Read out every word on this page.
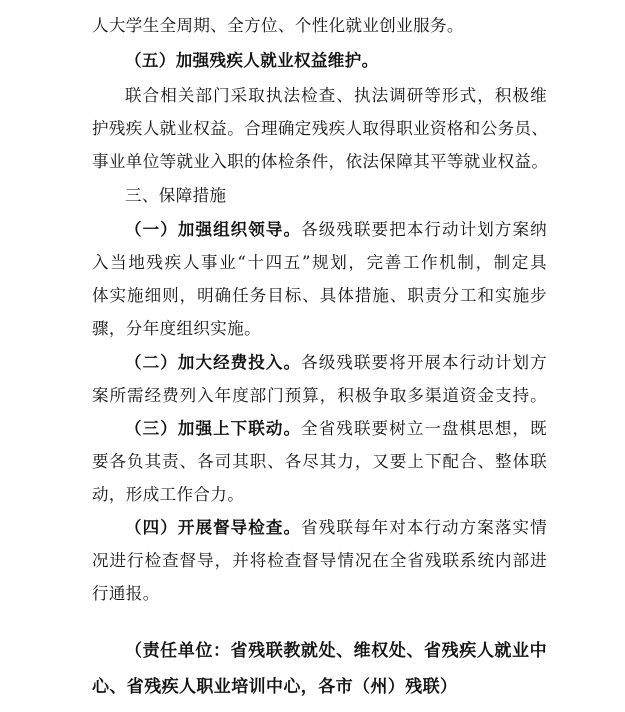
人大学生全周期、全方位、个性化就业创业服务。
（五）加强残疾人就业权益维护。
联合相关部门采取执法检查、执法调研等形式，积极维
护残疾人就业权益。合理确定残疾人取得职业资格和公务员、
事业单位等就业入职的体检条件，依法保障其平等就业权益。
三、保障措施
（一）加强组织领导。各级残联要把本行动计划方案纳
入当地残疾人事业“十四五”规划，完善工作机制，制定具
体实施细则，明确任务目标、具体措施、职责分工和实施步
骤，分年度组织实施。
（二）加大经费投入。各级残联要将开展本行动计划方
案所需经费列入年度部门预算，积极争取多渠道资金支持。
（三）加强上下联动。全省残联要树立一盘棋思想，既
要各负其责、各司其职、各尽其力，又要上下配合、整体联
动，形成工作合力。
（四）开展督导检查。省残联每年对本行动方案落实情
况进行检查督导，并将检查督导情况在全省残联系统内部进
行通报。
（责任单位：省残联教就处、维权处、省残疾人就业中
心、省残疾人职业培训中心，各市（州）残联）
